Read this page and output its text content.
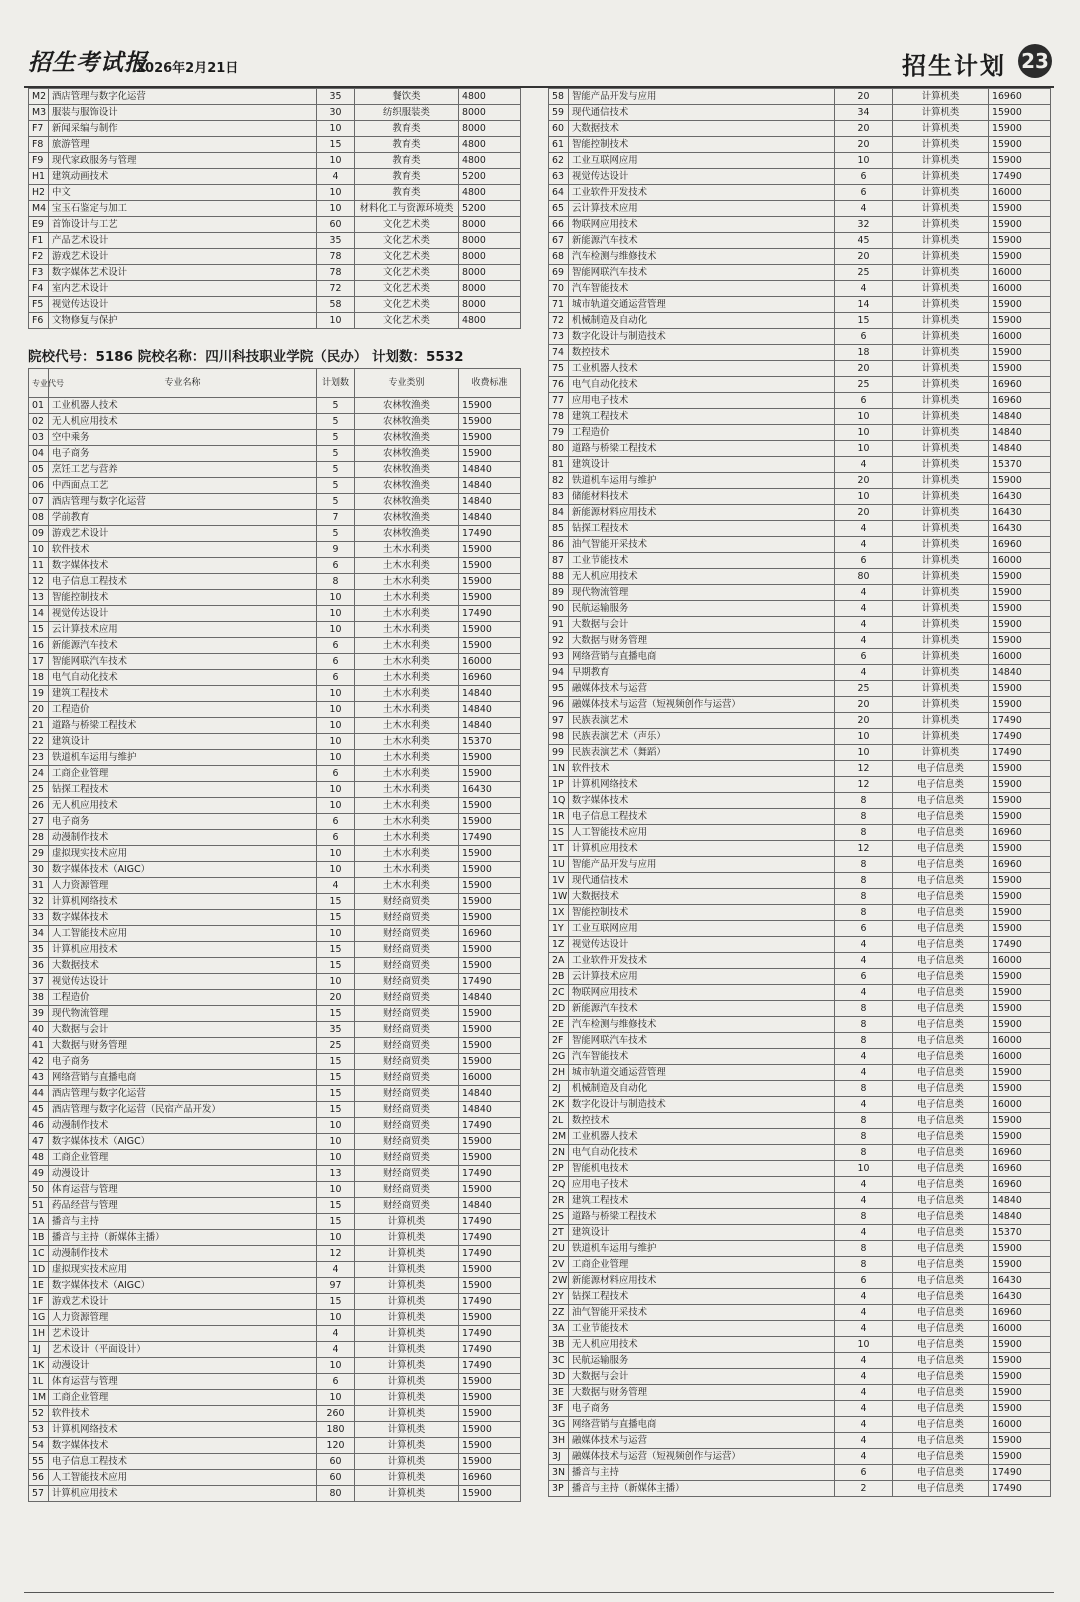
招生考试报
2026年2月21日	招生计划 23
M2	酒店管理与数字化运营	35	餐饮类	4800
M3	服装与服饰设计	30	纺织服装类	8000
F7	新闻采编与制作	10	教育类	8000
F8	旅游管理	15	教育类	4800
F9	现代家政服务与管理	10	教育类	4800
H1	建筑动画技术	4	教育类	5200
H2	中文	10	教育类	4800
M4	宝玉石鉴定与加工	10	材料化工与资源环境类	5200
E9	首饰设计与工艺	60	文化艺术类	8000
F1	产品艺术设计	35	文化艺术类	8000
F2	游戏艺术设计	78	文化艺术类	8000
F3	数字媒体艺术设计	78	文化艺术类	8000
F4	室内艺术设计	72	文化艺术类	8000
F5	视觉传达设计	58	文化艺术类	8000
F6	文物修复与保护	10	文化艺术类	4800
院校代号：5186 院校名称：四川科技职业学院（民办） 计划数：5532
专业代号	专业名称	计划数	专业类别	收费标准
01	工业机器人技术	5	农林牧渔类	15900
02	无人机应用技术	5	农林牧渔类	15900
03	空中乘务	5	农林牧渔类	15900
04	电子商务	5	农林牧渔类	15900
05	烹饪工艺与营养	5	农林牧渔类	14840
06	中西面点工艺	5	农林牧渔类	14840
07	酒店管理与数字化运营	5	农林牧渔类	14840
08	学前教育	7	农林牧渔类	14840
09	游戏艺术设计	5	农林牧渔类	17490
10	软件技术	9	土木水利类	15900
11	数字媒体技术	6	土木水利类	15900
12	电子信息工程技术	8	土木水利类	15900
13	智能控制技术	10	土木水利类	15900
14	视觉传达设计	10	土木水利类	17490
15	云计算技术应用	10	土木水利类	15900
16	新能源汽车技术	6	土木水利类	15900
17	智能网联汽车技术	6	土木水利类	16000
18	电气自动化技术	6	土木水利类	16960
19	建筑工程技术	10	土木水利类	14840
20	工程造价	10	土木水利类	14840
21	道路与桥梁工程技术	10	土木水利类	14840
22	建筑设计	10	土木水利类	15370
23	铁道机车运用与维护	10	土木水利类	15900
24	工商企业管理	6	土木水利类	15900
25	钻探工程技术	10	土木水利类	16430
26	无人机应用技术	10	土木水利类	15900
27	电子商务	6	土木水利类	15900
28	动漫制作技术	6	土木水利类	17490
29	虚拟现实技术应用	10	土木水利类	15900
30	数字媒体技术（AIGC）	10	土木水利类	15900
31	人力资源管理	4	土木水利类	15900
32	计算机网络技术	15	财经商贸类	15900
33	数字媒体技术	15	财经商贸类	15900
34	人工智能技术应用	10	财经商贸类	16960
35	计算机应用技术	15	财经商贸类	15900
36	大数据技术	15	财经商贸类	15900
37	视觉传达设计	10	财经商贸类	17490
38	工程造价	20	财经商贸类	14840
39	现代物流管理	15	财经商贸类	15900
40	大数据与会计	35	财经商贸类	15900
41	大数据与财务管理	25	财经商贸类	15900
42	电子商务	15	财经商贸类	15900
43	网络营销与直播电商	15	财经商贸类	16000
44	酒店管理与数字化运营	15	财经商贸类	14840
45	酒店管理与数字化运营（民宿产品开发）	15	财经商贸类	14840
46	动漫制作技术	10	财经商贸类	17490
47	数字媒体技术（AIGC）	10	财经商贸类	15900
48	工商企业管理	10	财经商贸类	15900
49	动漫设计	13	财经商贸类	17490
50	体育运营与管理	10	财经商贸类	15900
51	药品经营与管理	15	财经商贸类	14840
1A	播音与主持	15	计算机类	17490
1B	播音与主持（新媒体主播）	10	计算机类	17490
1C	动漫制作技术	12	计算机类	17490
1D	虚拟现实技术应用	4	计算机类	15900
1E	数字媒体技术（AIGC）	97	计算机类	15900
1F	游戏艺术设计	15	计算机类	17490
1G	人力资源管理	10	计算机类	15900
1H	艺术设计	4	计算机类	17490
1J	艺术设计（平面设计）	4	计算机类	17490
1K	动漫设计	10	计算机类	17490
1L	体育运营与管理	6	计算机类	15900
1M	工商企业管理	10	计算机类	15900
52	软件技术	260	计算机类	15900
53	计算机网络技术	180	计算机类	15900
54	数字媒体技术	120	计算机类	15900
55	电子信息工程技术	60	计算机类	15900
56	人工智能技术应用	60	计算机类	16960
57	计算机应用技术	80	计算机类	15900
58	智能产品开发与应用	20	计算机类	16960
59	现代通信技术	34	计算机类	15900
60	大数据技术	20	计算机类	15900
61	智能控制技术	20	计算机类	15900
62	工业互联网应用	10	计算机类	15900
63	视觉传达设计	6	计算机类	17490
64	工业软件开发技术	6	计算机类	16000
65	云计算技术应用	4	计算机类	15900
66	物联网应用技术	32	计算机类	15900
67	新能源汽车技术	45	计算机类	15900
68	汽车检测与维修技术	20	计算机类	15900
69	智能网联汽车技术	25	计算机类	16000
70	汽车智能技术	4	计算机类	16000
71	城市轨道交通运营管理	14	计算机类	15900
72	机械制造及自动化	15	计算机类	15900
73	数字化设计与制造技术	6	计算机类	16000
74	数控技术	18	计算机类	15900
75	工业机器人技术	20	计算机类	15900
76	电气自动化技术	25	计算机类	16960
77	应用电子技术	6	计算机类	16960
78	建筑工程技术	10	计算机类	14840
79	工程造价	10	计算机类	14840
80	道路与桥梁工程技术	10	计算机类	14840
81	建筑设计	4	计算机类	15370
82	铁道机车运用与维护	20	计算机类	15900
83	储能材料技术	10	计算机类	16430
84	新能源材料应用技术	20	计算机类	16430
85	钻探工程技术	4	计算机类	16430
86	油气智能开采技术	4	计算机类	16960
87	工业节能技术	6	计算机类	16000
88	无人机应用技术	80	计算机类	15900
89	现代物流管理	4	计算机类	15900
90	民航运输服务	4	计算机类	15900
91	大数据与会计	4	计算机类	15900
92	大数据与财务管理	4	计算机类	15900
93	网络营销与直播电商	6	计算机类	16000
94	早期教育	4	计算机类	14840
95	融媒体技术与运营	25	计算机类	15900
96	融媒体技术与运营（短视频创作与运营）	20	计算机类	15900
97	民族表演艺术	20	计算机类	17490
98	民族表演艺术（声乐）	10	计算机类	17490
99	民族表演艺术（舞蹈）	10	计算机类	17490
1N	软件技术	12	电子信息类	15900
1P	计算机网络技术	12	电子信息类	15900
1Q	数字媒体技术	8	电子信息类	15900
1R	电子信息工程技术	8	电子信息类	15900
1S	人工智能技术应用	8	电子信息类	16960
1T	计算机应用技术	12	电子信息类	15900
1U	智能产品开发与应用	8	电子信息类	16960
1V	现代通信技术	8	电子信息类	15900
1W	大数据技术	8	电子信息类	15900
1X	智能控制技术	8	电子信息类	15900
1Y	工业互联网应用	6	电子信息类	15900
1Z	视觉传达设计	4	电子信息类	17490
2A	工业软件开发技术	4	电子信息类	16000
2B	云计算技术应用	6	电子信息类	15900
2C	物联网应用技术	4	电子信息类	15900
2D	新能源汽车技术	8	电子信息类	15900
2E	汽车检测与维修技术	8	电子信息类	15900
2F	智能网联汽车技术	8	电子信息类	16000
2G	汽车智能技术	4	电子信息类	16000
2H	城市轨道交通运营管理	4	电子信息类	15900
2J	机械制造及自动化	8	电子信息类	15900
2K	数字化设计与制造技术	4	电子信息类	16000
2L	数控技术	8	电子信息类	15900
2M	工业机器人技术	8	电子信息类	15900
2N	电气自动化技术	8	电子信息类	16960
2P	智能机电技术	10	电子信息类	16960
2Q	应用电子技术	4	电子信息类	16960
2R	建筑工程技术	4	电子信息类	14840
2S	道路与桥梁工程技术	8	电子信息类	14840
2T	建筑设计	4	电子信息类	15370
2U	铁道机车运用与维护	8	电子信息类	15900
2V	工商企业管理	8	电子信息类	15900
2W	新能源材料应用技术	6	电子信息类	16430
2Y	钻探工程技术	4	电子信息类	16430
2Z	油气智能开采技术	4	电子信息类	16960
3A	工业节能技术	4	电子信息类	16000
3B	无人机应用技术	10	电子信息类	15900
3C	民航运输服务	4	电子信息类	15900
3D	大数据与会计	4	电子信息类	15900
3E	大数据与财务管理	4	电子信息类	15900
3F	电子商务	4	电子信息类	15900
3G	网络营销与直播电商	4	电子信息类	16000
3H	融媒体技术与运营	4	电子信息类	15900
3J	融媒体技术与运营（短视频创作与运营）	4	电子信息类	15900
3N	播音与主持	6	电子信息类	17490
3P	播音与主持（新媒体主播）	2	电子信息类	17490
